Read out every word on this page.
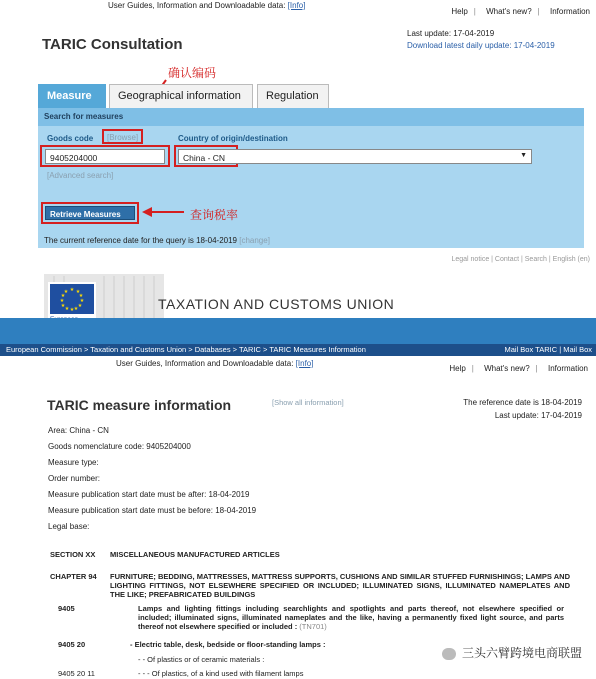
User Guides, Information and Downloadable data: [Info]
Help | What's new? | Information
TARIC Consultation
Last update: 17-04-2019
Download latest daily update: 17-04-2019
确认编码
Measure	Geographical information	Regulation
Search for measures
Goods code [Browse]	Country of origin/destination
9405204000	China - CN	▼
[Advanced search]
Retrieve Measures
The current reference date for the query is 18-04-2019 [change]
查询税率
Legal notice | Contact | Search | English (en)
★ ★
★
★
★
★
★
★
★
★
★
★
TAXATION AND CUSTOMS UNION
European Commission > Taxation and Customs Union > Databases > TARIC > TARIC Measures Information	Mail Box TARIC | Mail Box
User Guides, Information and Downloadable data: [Info]
Help | What's new? | Information
TARIC measure information	[Show all information]	The reference date is 18-04-2019
Last update: 17-04-2019
Area: China - CN
Goods nomenclature code: 9405204000
Measure type:
Order number:
Measure publication start date must be after: 18-04-2019
Measure publication start date must be before: 18-04-2019
Legal base:
SECTION XX MISCELLANEOUS MANUFACTURED ARTICLES
CHAPTER 94 FURNITURE; BEDDING, MATTRESSES, MATTRESS SUPPORTS, CUSHIONS AND SIMILAR STUFFED FURNISHINGS; LAMPS AND LIGHTING FITTINGS, NOT ELSEWHERE SPECIFIED OR INCLUDED; ILLUMINATED SIGNS, ILLUMINATED NAMEPLATES AND THE LIKE; PREFABRICATED BUILDINGS
9405	Lamps and lighting fittings including searchlights and spotlights and parts thereof, not elsewhere specified or included; illuminated signs, illuminated nameplates and the like, having a permanently fixed light source, and parts thereof not elsewhere specified or included : (TN701)
9405 20	- Electric table, desk, bedside or floor-standing lamps :
- - Of plastics or of ceramic materials :
9405 20 11	- - - Of plastics, of a kind used with filament lamps
三头六臂跨境电商联盟
